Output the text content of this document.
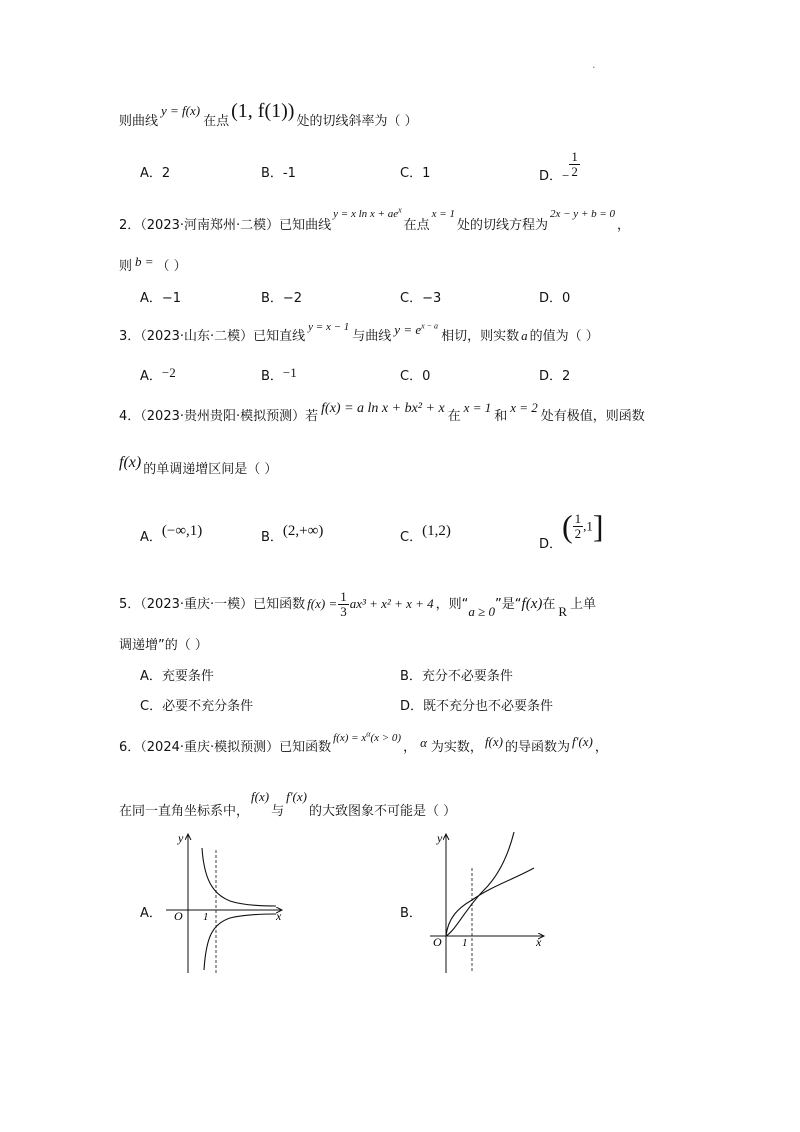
.
则曲线y = f(x)在点 (1, f(1)) 处的切线斜率为（ ）
A．2	B．-1	C．1	D．− $\frac{1}{2}$
2．（2023·河南郑州·二模）已知曲线$^{y = x ln x + ae^x}$在点$^{x = 1}$处的切线方程为$^{2x - y + b = 0}$，
则 b = （ ）
A．−1	B．−2	C．−3	D．0
3．（2023·山东·二模）已知直线$^{y = x - 1}$与曲线 $y = e^{x - a}$相切，则实数 a 的值为（ ）
A．−2	B．−1	C．0	D．2
4．（2023·贵州贵阳·模拟预测）若f(x) = a ln x + bx² + x在x = 1和x = 2处有极值，则函数
f(x) 的单调递增区间是（ ）
A．(−∞,1)	B．(2,+∞)	C．(1,2)
D．( $\frac{1}{2} ,1$]
5．（2023·重庆·一模）已知函数 $f(x) = \frac{1}{3} ax^3 + x^2 + x + 4$ ，则“a ≥ 0”是“f(x)在 R 上单
调递增”的（ ）
A．充要条件	B．充分不必要条件
C．必要不充分条件	D．既不充分也不必要条件
6．（2024·重庆·模拟预测）已知函数$^{f(x) = x^\alpha(x > 0)}$， α 为实数， f(x) 的导函数为 f′(x) ，
在同一直角坐标系中，f(x)与f′(x)的大致图象不可能是（ ）
A．
y
x
O 1	B．
y
x
O 1
